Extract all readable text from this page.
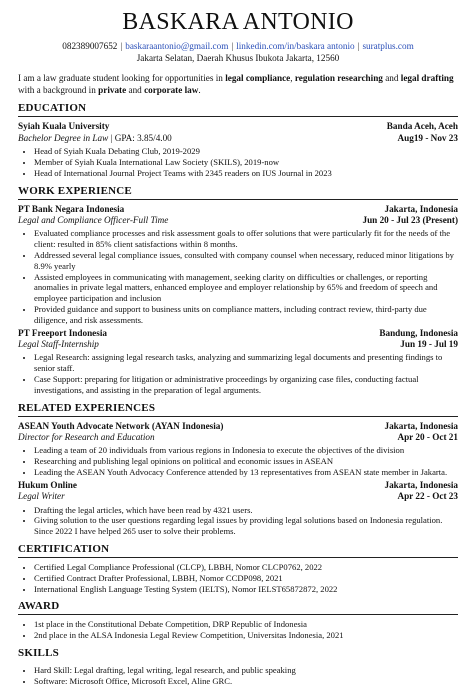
BASKARA ANTONIO
082389007652 | baskaraantonio@gmail.com | linkedin.com/in/baskara antonio | suratplus.com
Jakarta Selatan, Daerah Khusus Ibukota Jakarta, 12560
I am a law graduate student looking for opportunities in legal compliance, regulation researching and legal drafting with a background in private and corporate law.
EDUCATION
Syiah Kuala University	Banda Aceh, Aceh
Bachelor Degree in Law | GPA: 3.85/4.00	Aug19 - Nov 23
• Head of Syiah Kuala Debating Club, 2019-2029
• Member of Syiah Kuala International Law Society (SKILS), 2019-now
• Head of International Journal Project Teams with 2345 readers on IUS Journal in 2023
WORK EXPERIENCE
PT Bank Negara Indonesia	Jakarta, Indonesia
Legal and Compliance Officer-Full Time	Jun 20 - Jul 23 (Present)
• Evaluated compliance processes and risk assessment goals to offer solutions that were particularly fit for the needs of the client: resulted in 85% client satisfactions within 8 months.
• Addressed several legal compliance issues, consulted with company counsel when necessary, reduced minor litigations by 8.9% yearly
• Assisted employees in communicating with management, seeking clarity on difficulties or challenges, or reporting anomalies in private legal matters, enhanced employee and employer relationship by 65% and freedom of speech and employee participation and inclusion
• Provided guidance and support to business units on compliance matters, including contract review, third-party due diligence, and risk assessments.
PT Freeport Indonesia	Bandung, Indonesia
Legal Staff-Internship	Jun 19 - Jul 19
• Legal Research: assigning legal research tasks, analyzing and summarizing legal documents and presenting findings to senior staff.
• Case Support: preparing for litigation or administrative proceedings by organizing case files, conducting factual investigations, and assisting in the preparation of legal arguments.
RELATED EXPERIENCES
ASEAN Youth Advocate Network (AYAN Indonesia)	Jakarta, Indonesia
Director for Research and Education	Apr 20 - Oct 21
• Leading a team of 20 individuals from various regions in Indonesia to execute the objectives of the division
• Researching and publishing legal opinions on political and economic issues in ASEAN
• Leading the ASEAN Youth Advocacy Conference attended by 13 representatives from ASEAN state member in Jakarta.
Hukum Online	Jakarta, Indonesia
Legal Writer	Apr 22 - Oct 23
• Drafting the legal articles, which have been read by 4321 users.
• Giving solution to the user questions regarding legal issues by providing legal solutions based on Indonesia regulation. Since 2022 I have helped 265 user to solve their problems.
CERTIFICATION
• Certified Legal Compliance Professional (CLCP), LBBH, Nomor CLCP0762, 2022
• Certified Contract Drafter Professional, LBBH, Nomor CCDP098, 2021
• International English Language Testing System (IELTS), Nomor IELST65872872, 2022
AWARD
• 1st place in the Constitutional Debate Competition, DRP Republic of Indonesia
• 2nd place in the ALSA Indonesia Legal Review Competition, Universitas Indonesia, 2021
SKILLS
• Hard Skill: Legal drafting, legal writing, legal research, and public speaking
• Software: Microsoft Office, Microsoft Excel, Aline GRC.
